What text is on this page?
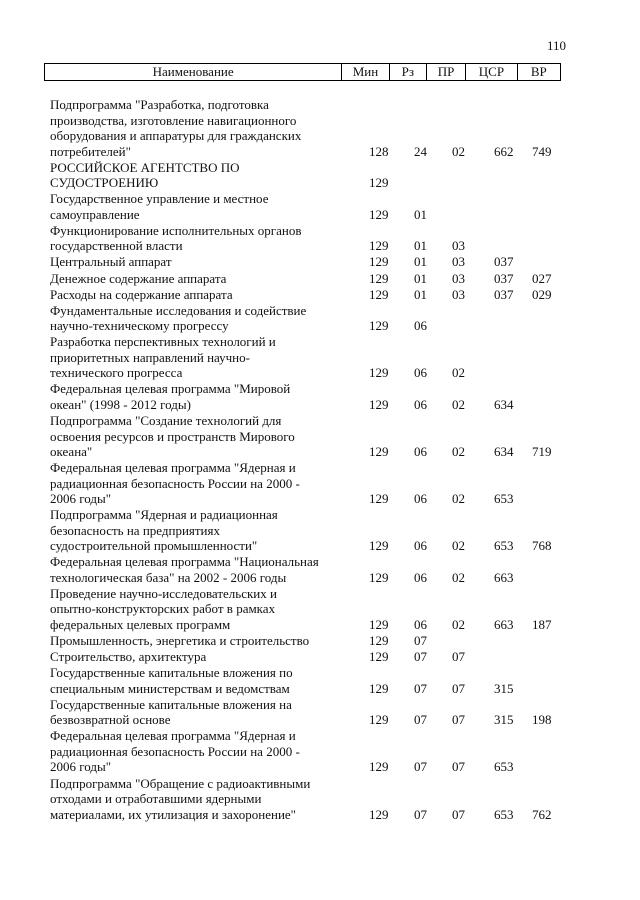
110
Наименование	Мин	Рз	ПР	ЦСР	ВР
Подпрограмма "Разработка, подготовка
производства, изготовление навигационного
оборудования и аппаратуры для гражданских
потребителей"	128 24 02 662 749
РОССИЙСКОЕ АГЕНТСТВО ПО
СУДОСТРОЕНИЮ	129
Государственное управление и местное
самоуправление	129 01
Функционирование исполнительных органов
государственной власти	129 01 03
Центральный аппарат	129 01 03 037
Денежное содержание аппарата	129 01 03 037 027
Расходы на содержание аппарата	129 01 03 037 029
Фундаментальные исследования и содействие
научно-техническому прогрессу	129 06
Разработка перспективных технологий и
приоритетных направлений научно-
технического прогресса	129 06 02
Федеральная целевая программа "Мировой
океан" (1998 - 2012 годы)	129 06 02 634
Подпрограмма "Создание технологий для
освоения ресурсов и пространств Мирового
океана"	129 06 02 634 719
Федеральная целевая программа "Ядерная и
радиационная безопасность России на 2000 -
2006 годы"	129 06 02 653
Подпрограмма "Ядерная и радиационная
безопасность на предприятиях
судостроительной промышленности"	129 06 02 653 768
Федеральная целевая программа "Национальная
технологическая база" на 2002 - 2006 годы	129 06 02 663
Проведение научно-исследовательских и
опытно-конструкторских работ в рамках
федеральных целевых программ	129 06 02 663 187
Промышленность, энергетика и строительство	129 07
Строительство, архитектура	129 07 07
Государственные капитальные вложения по
специальным министерствам и ведомствам	129 07 07 315
Государственные капитальные вложения на
безвозвратной основе	129 07 07 315 198
Федеральная целевая программа "Ядерная и
радиационная безопасность России на 2000 -
2006 годы"	129 07 07 653
Подпрограмма "Обращение с радиоактивными
отходами и отработавшими ядерными
материалами, их утилизация и захоронение"	129 07 07 653 762
